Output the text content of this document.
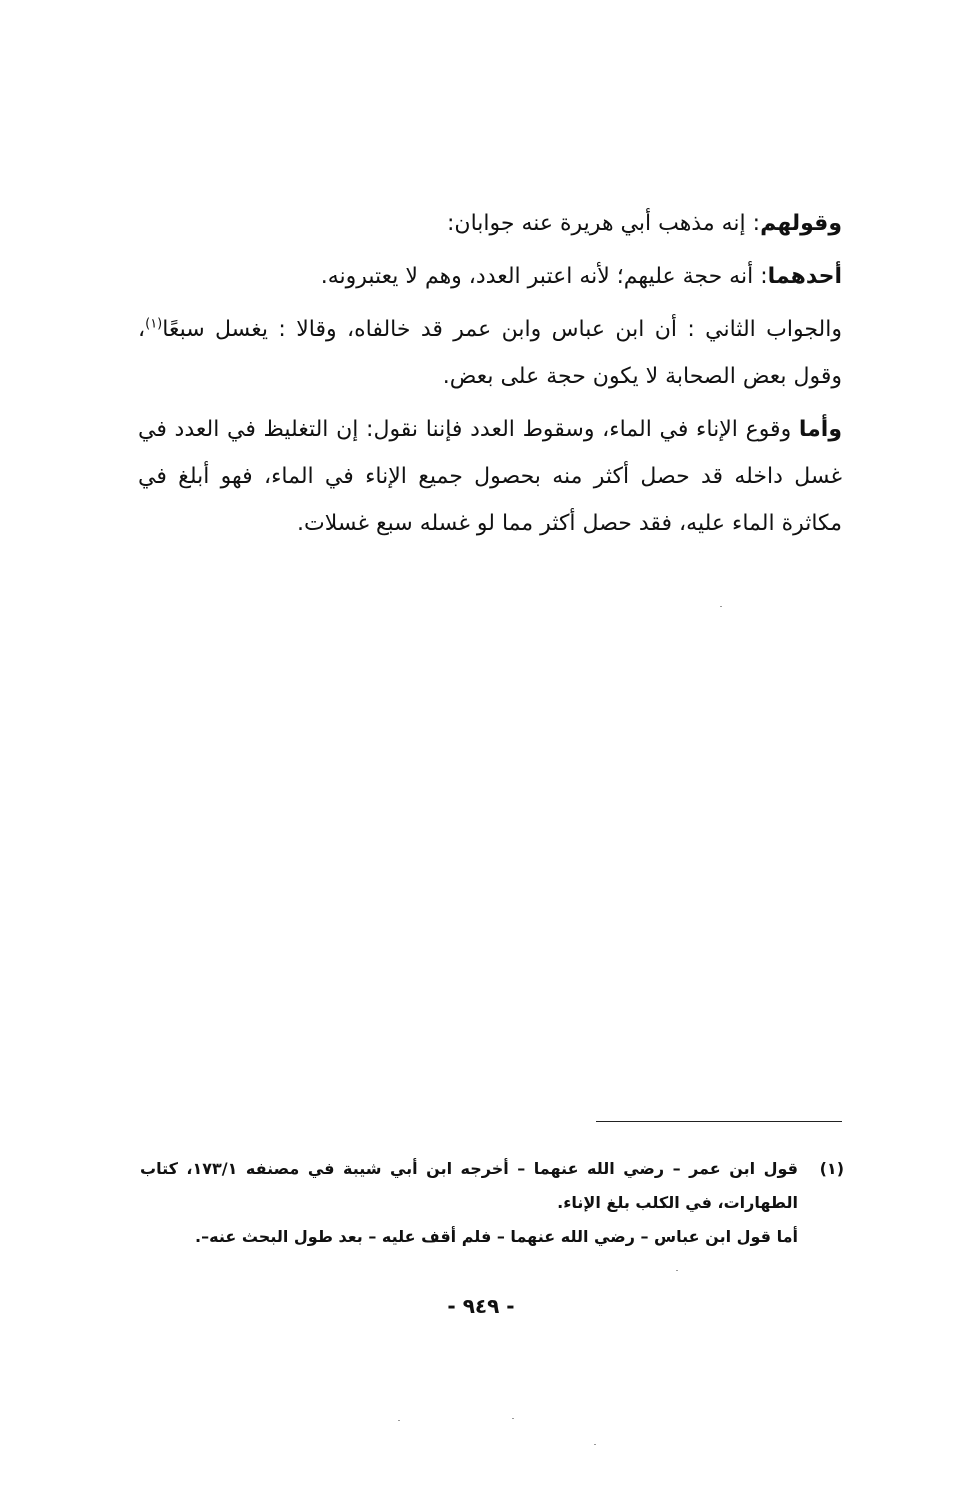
وقولهم: إنه مذهب أبي هريرة عنه جوابان:

أحدهما: أنه حجة عليهم؛ لأنه اعتبر العدد، وهم لا يعتبرونه.

والجواب الثاني : أن ابن عباس وابن عمر قد خالفاه، وقالا : يغسل سبعًا$^{(١)}$، وقول بعض الصحابة لا يكون حجة على بعض.

وأما وقوع الإناء في الماء، وسقوط العدد فإننا نقول: إن التغليظ في العدد في غسل داخله قد حصل أكثر منه بحصول جميع الإناء في الماء، فهو أبلغ في مكاثرة الماء عليه، فقد حصل أكثر مما لو غسله سبع غسلات.

(١)
قول ابن عمر – رضي الله عنهما – أخرجه ابن أبي شيبة في مصنفه ١٧٣/١، كتاب الطهارات، في الكلب بلغ الإناء.
أما قول ابن عباس – رضي الله عنهما – فلم أقف عليه – بعد طول البحث عنه–.
- ٩٤٩ -
